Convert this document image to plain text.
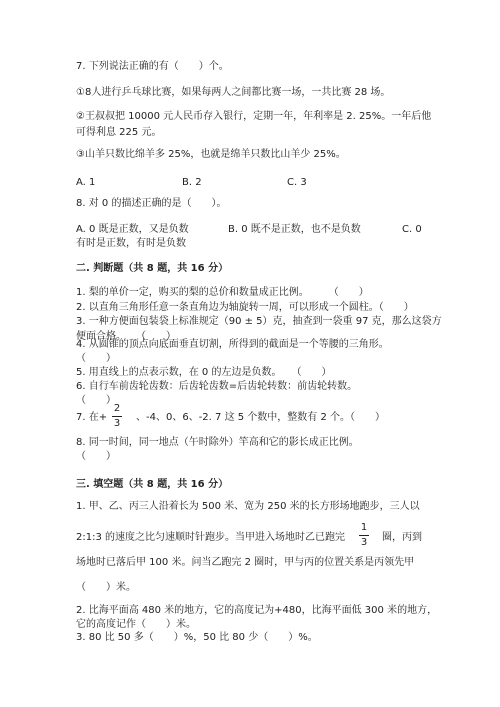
7. 下列说法正确的有（　　）个。
①8人进行乒乓球比赛，如果每两人之间都比赛一场，一共比赛 28 场。
②王叔叔把 10000 元人民币存入银行，定期一年，年利率是 2. 25%。一年后他
可得利息 225 元。
③山羊只数比绵羊多 25%，也就是绵羊只数比山羊少 25%。
A. 1	B. 2	C. 3
8. 对 0 的描述正确的是（　　）。
A. 0 既是正数，又是负数
有时是正数，有时是负数
B. 0 既不是正数，也不是负数	C. 0
二. 判断题（共 8 题，共 16 分）
1. 梨的单价一定，购买的梨的总价和数量成正比例。　　　（　　）
2. 以直角三角形任意一条直角边为轴旋转一周，可以形成一个圆柱。（　　）
3. 一种方便面包装袋上标准规定（90 ± 5）克，抽查到一袋重 97 克，那么这袋方
便面合格。　　（　　）
4. 从圆锥的顶点向底面垂直切割，所得到的截面是一个等腰的三角形。
（　　）
5. 用直线上的点表示数，在 0 的左边是负数。　　（　　）
6. 自行车前齿轮齿数：后齿轮齿数=后齿轮转数：前齿轮转数。
（　　）
7. 在+
2
3
、-4、0、6、-2. 7 这 5 个数中，整数有 2 个。（　　）
8. 同一时间，同一地点（午时除外）竿高和它的影长成正比例。
（　　）
三. 填空题（共 8 题，共 16 分）
1. 甲、乙、丙三人沿着长为 500 米、宽为 250 米的长方形场地跑步，三人以
2:1:3 的速度之比匀速顺时针跑步。当甲进入场地时乙已跑完
1
3 圈，丙到
场地时已落后甲 100 米。问当乙跑完 2 圈时，甲与丙的位置关系是丙领先甲
（　　）米。
2. 比海平面高 480 米的地方，它的高度记为+480，比海平面低 300 米的地方，
它的高度记作（　　）米。
3. 80 比 50 多（　　）%，50 比 80 少（　　）%。
